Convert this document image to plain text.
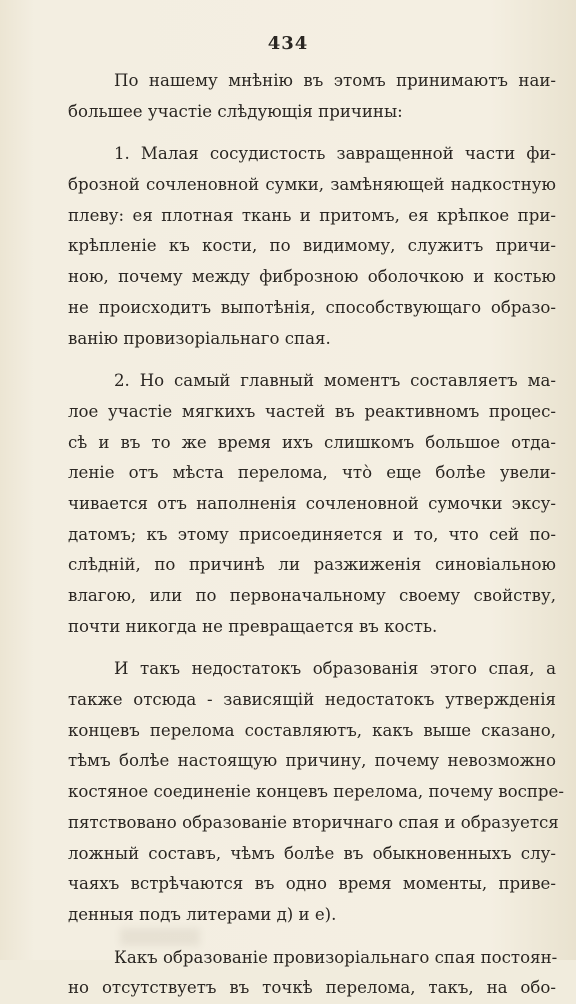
434
По нашему мнѣнію въ этомъ принимаютъ наи-
большее участіе слѣдующія причины:
1. Малая сосудистость завращенной части фи-
брозной сочленовной сумки, замѣняющей надкостную
плеву: ея плотная ткань и притомъ, ея крѣпкое при-
крѣпленіе къ кости, по видимому, служитъ причи-
ною, почему между фиброзною оболочкою и костью
не происходитъ выпотѣнія, способствующаго образо-
ванію провизоріальнаго спая.
2. Но самый главный моментъ составляетъ ма-
лое участіе мягкихъ частей въ реактивномъ процес-
сѣ и въ то же время ихъ слишкомъ большое отда-
леніе отъ мѣста перелома, что̀ еще болѣе увели-
чивается отъ наполненія сочленовной сумочки эксу-
датомъ; къ этому присоединяется и то, что сей по-
слѣдній, по причинѣ ли разжиженія синовіальною
влагою, или по первоначальному своему свойству,
почти никогда не превращается въ кость.
И такъ недостатокъ образованія этого спая, а
также отсюда - зависящій недостатокъ утвержденія
концевъ перелома составляютъ, какъ выше сказано,
тѣмъ болѣе настоящую причину, почему невозможно
костяное соединеніе концевъ перелома, почему воспре-
пятствовано образованіе вторичнаго спая и образуется
ложный составъ, чѣмъ болѣе въ обыкновенныхъ слу-
чаяхъ встрѣчаются въ одно время моменты, приве-
денныя подъ литерами д) и е).
Какъ образованіе провизоріальнаго спая постоян-
но отсутствуетъ въ точкѣ перелома, такъ, на обо-
